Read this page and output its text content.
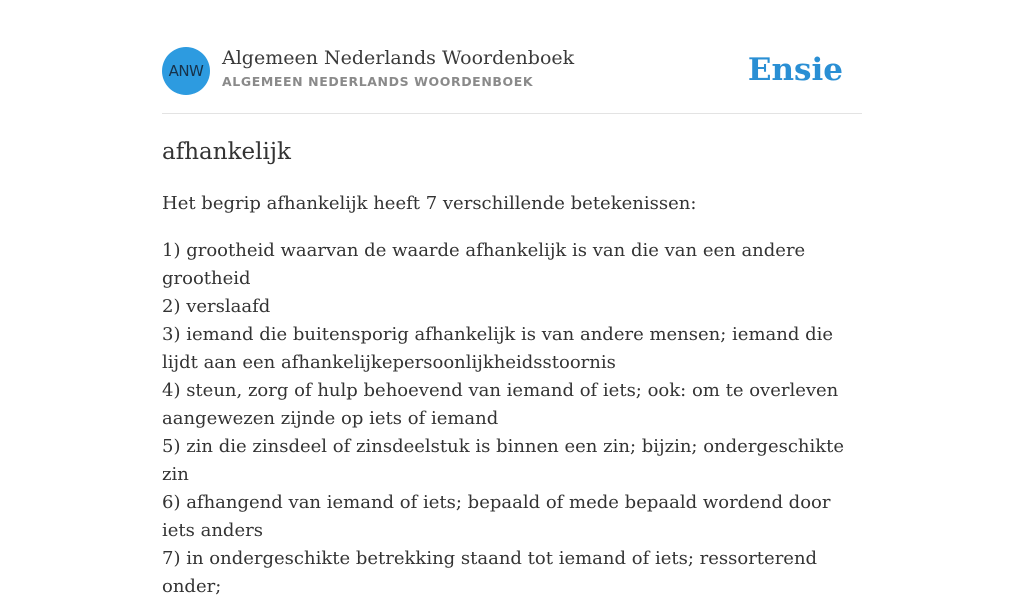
ANW
Algemeen Nederlands Woordenboek
ALGEMEEN NEDERLANDS WOORDENBOEK	Ensie
afhankelijk

Het begrip afhankelijk heeft 7 verschillende betekenissen:

1) grootheid waarvan de waarde afhankelijk is van die van een andere grootheid
2) verslaafd
3) iemand die buitensporig afhankelijk is van andere mensen; iemand die lijdt aan een afhankelijkepersoonlijkheidsstoornis
4) steun, zorg of hulp behoevend van iemand of iets; ook: om te overleven aangewezen zijnde op iets of iemand
5) zin die zinsdeel of zinsdeelstuk is binnen een zin; bijzin; ondergeschikte zin
6) afhangend van iemand of iets; bepaald of mede bepaald wordend door iets anders
7) in ondergeschikte betrekking staand tot iemand of iets; ressorterend onder;
